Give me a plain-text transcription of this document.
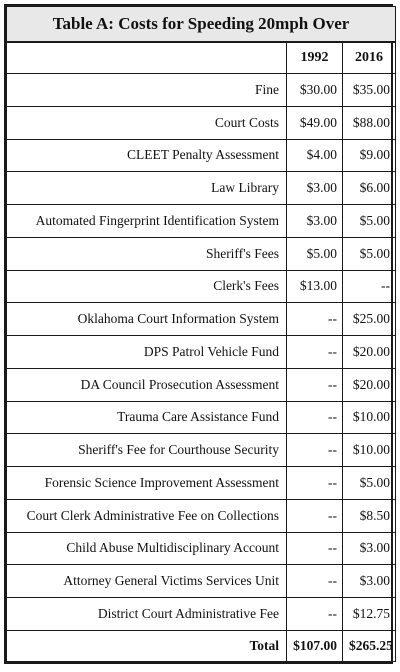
Table A: Costs for Speeding 20mph Over		
	1992	2016
Fine	$30.00	$35.00
Court Costs	$49.00	$88.00
CLEET Penalty Assessment	$4.00	$9.00
Law Library	$3.00	$6.00
Automated Fingerprint Identification System	$3.00	$5.00
Sheriff's Fees	$5.00	$5.00
Clerk's Fees	$13.00	--
Oklahoma Court Information System	--	$25.00
DPS Patrol Vehicle Fund	--	$20.00
DA Council Prosecution Assessment	--	$20.00
Trauma Care Assistance Fund	--	$10.00
Sheriff's Fee for Courthouse Security	--	$10.00
Forensic Science Improvement Assessment	--	$5.00
Court Clerk Administrative Fee on Collections	--	$8.50
Child Abuse Multidisciplinary Account	--	$3.00
Attorney General Victims Services Unit	--	$3.00
District Court Administrative Fee	--	$12.75
Total	$107.00	$265.25
